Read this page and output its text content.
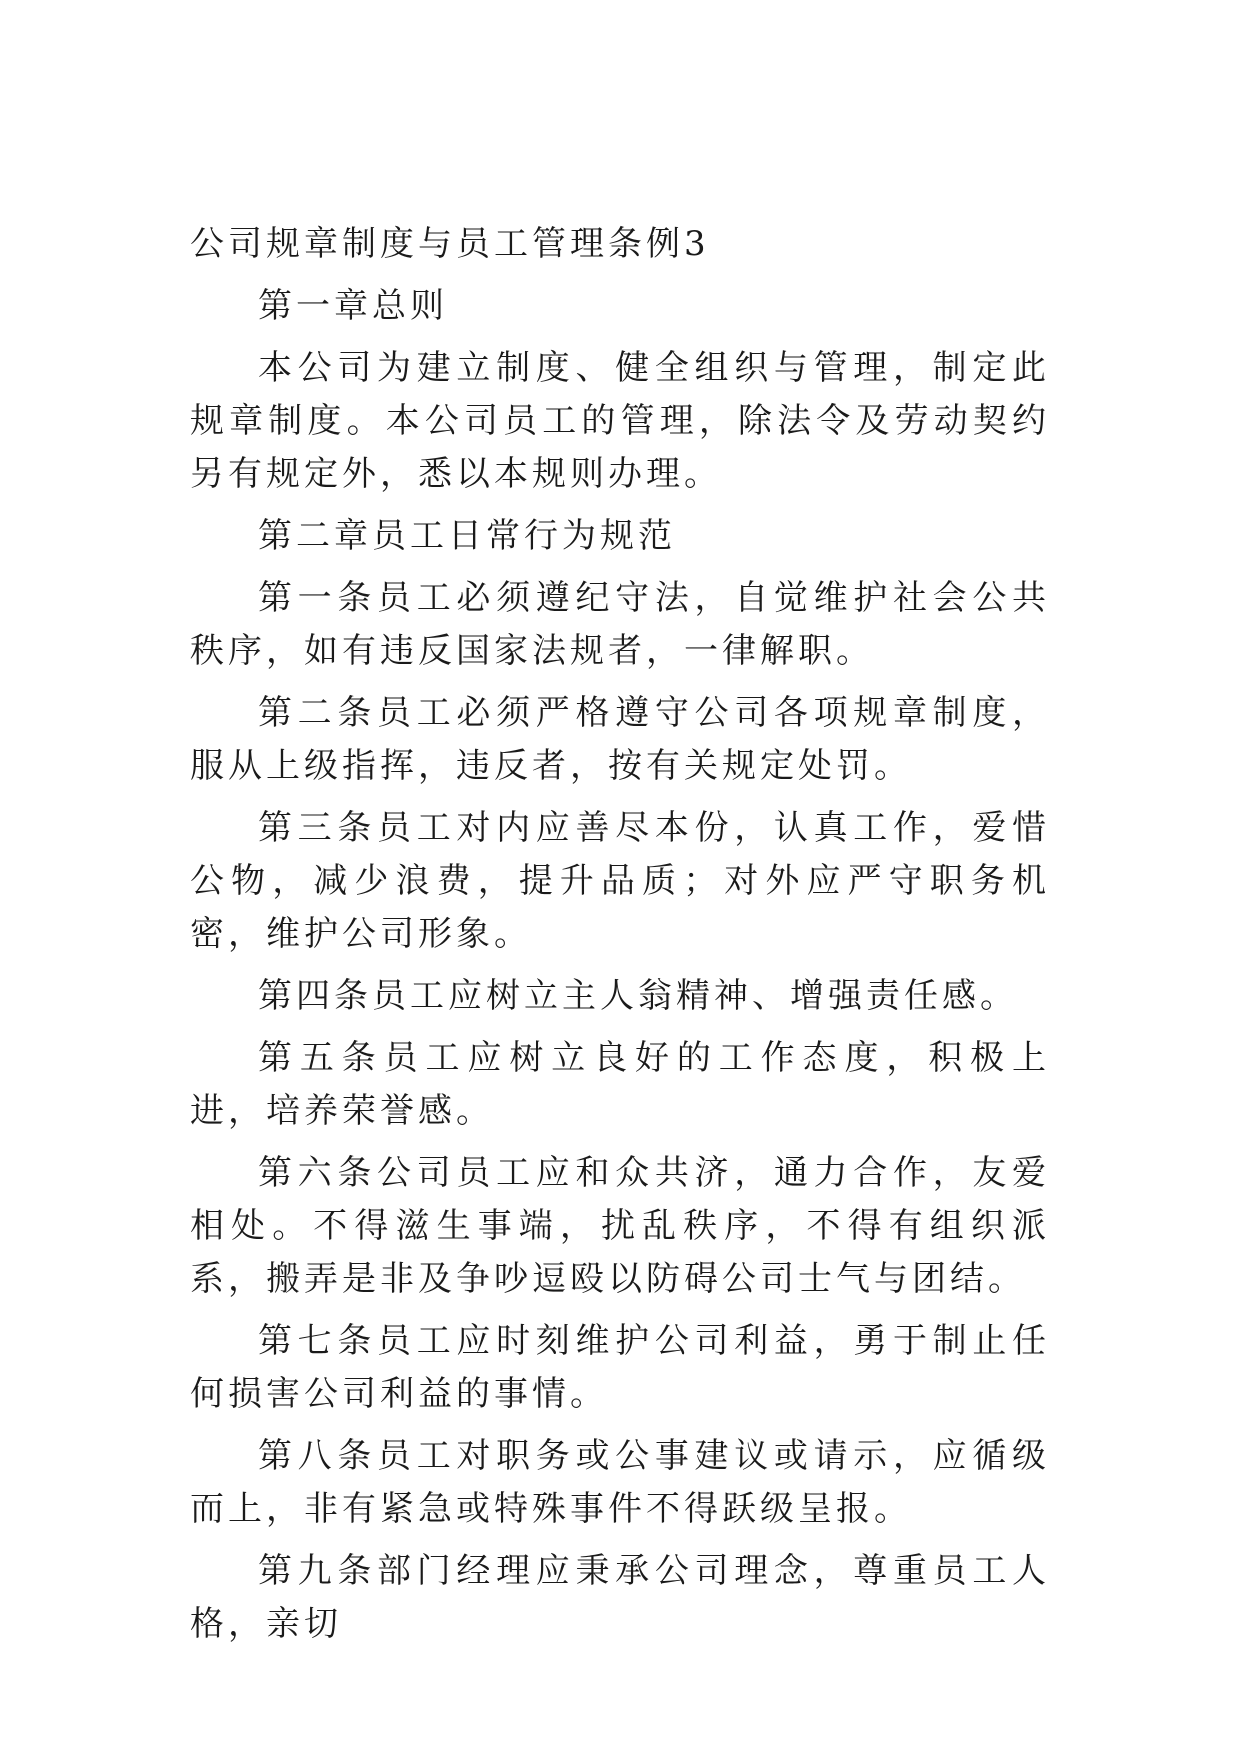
公司规章制度与员工管理条例3

第一章总则

本公司为建立制度、健全组织与管理，制定此规章制度。本公司员工的管理，除法令及劳动契约另有规定外，悉以本规则办理。

第二章员工日常行为规范

第一条员工必须遵纪守法，自觉维护社会公共秩序，如有违反国家法规者，一律解职。

第二条员工必须严格遵守公司各项规章制度，服从上级指挥，违反者，按有关规定处罚。

第三条员工对内应善尽本份，认真工作，爱惜公物，减少浪费，提升品质；对外应严守职务机密，维护公司形象。

第四条员工应树立主人翁精神、增强责任感。

第五条员工应树立良好的工作态度，积极上进，培养荣誉感。

第六条公司员工应和众共济，通力合作，友爱相处。不得滋生事端，扰乱秩序，不得有组织派系，搬弄是非及争吵逗殴以防碍公司士气与团结。

第七条员工应时刻维护公司利益，勇于制止任何损害公司利益的事情。

第八条员工对职务或公事建议或请示，应循级而上，非有紧急或特殊事件不得跃级呈报。

第九条部门经理应秉承公司理念，尊重员工人格，亲切
